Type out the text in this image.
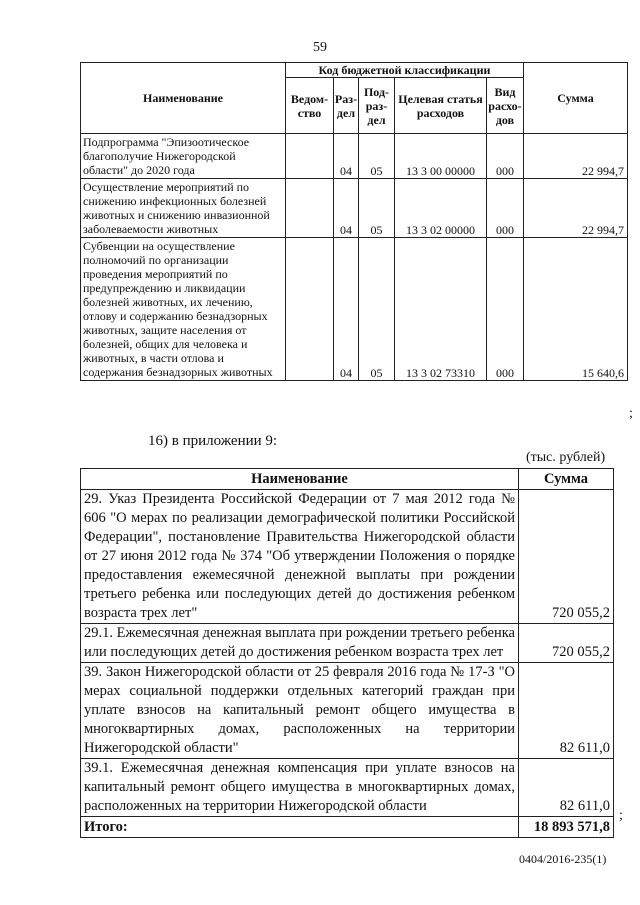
59
Наименование	Код бюджетной классификации					Сумма
	Ведом-ство	Раз-дел	Под-раз-дел	Целевая статья расходов	Вид расхо-дов	
Подпрограмма "Эпизоотическое благополучие Нижегородской области" до 2020 года		04	05	13 3 00 00000	000	22 994,7
Осуществление мероприятий по снижению инфекционных болезней животных и снижению инвазионной заболеваемости животных		04	05	13 3 02 00000	000	22 994,7
Субвенции на осуществление полномочий по организации проведения мероприятий по предупреждению и ликвидации болезней животных, их лечению, отлову и содержанию безнадзорных животных, защите населения от болезней, общих для человека и животных, в части отлова и содержания безнадзорных животных		04	05	13 3 02 73310	000	15 640,6
;
16) в приложении 9:
(тыс. рублей)
Наименование	Сумма
29. Указ Президента Российской Федерации от 7 мая 2012 года № 606 "О мерах по реализации демографической политики Российской Федерации", постановление Правительства Нижегородской области от 27 июня 2012 года № 374 "Об утверждении Положения о порядке предоставления ежемесячной денежной выплаты при рождении третьего ребенка или последующих детей до достижения ребенком возраста трех лет"	720 055,2
29.1. Ежемесячная денежная выплата при рождении третьего ребенка или последующих детей до достижения ребенком возраста трех лет	720 055,2
39. Закон Нижегородской области от 25 февраля 2016 года № 17-З "О мерах социальной поддержки отдельных категорий граждан при уплате взносов на капитальный ремонт общего имущества в многоквартирных домах, расположенных на территории Нижегородской области"	82 611,0
39.1. Ежемесячная денежная компенсация при уплате взносов на капитальный ремонт общего имущества в многоквартирных домах, расположенных на территории Нижегородской области	82 611,0
Итого:	18 893 571,8
;
0404/2016-235(1)
